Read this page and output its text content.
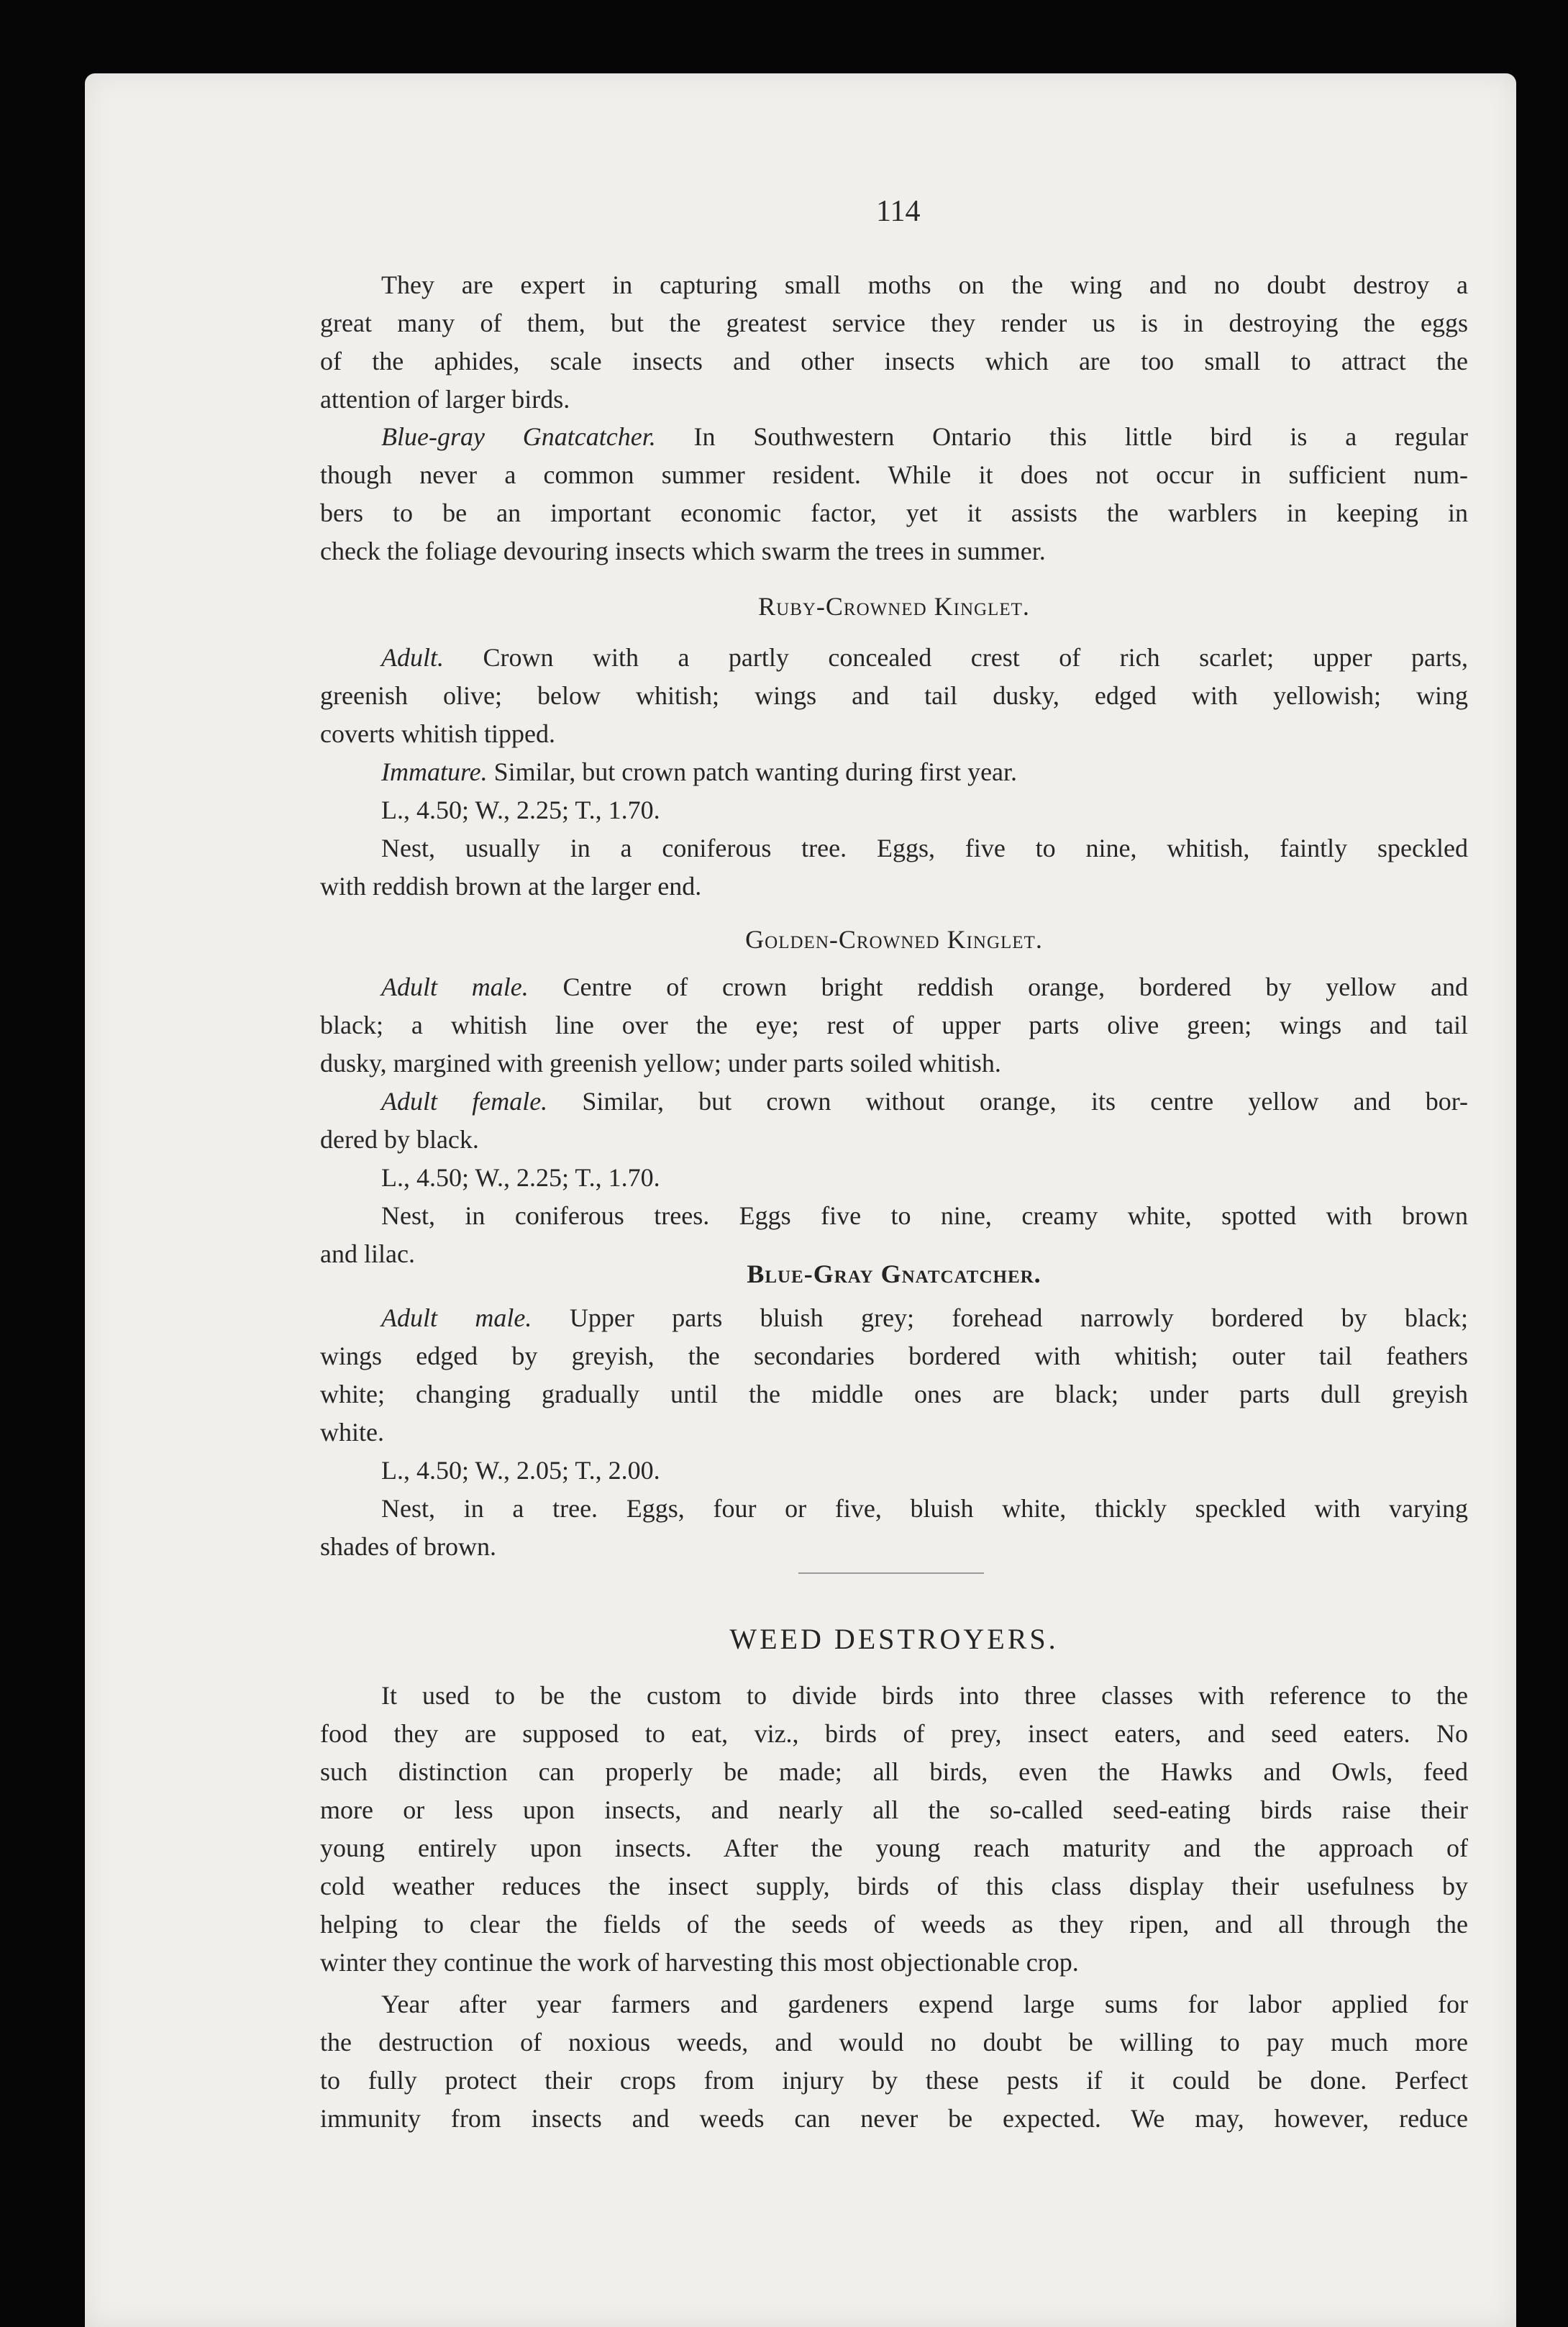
114
They are expert in capturing small moths on the wing and no doubt destroy a
great many of them, but the greatest service they render us is in destroying the eggs
of the aphides, scale insects and other insects which are too small to attract the
attention of larger birds.
Blue-gray Gnatcatcher. In Southwestern Ontario this little bird is a regular
though never a common summer resident. While it does not occur in sufficient num-
bers to be an important economic factor, yet it assists the warblers in keeping in
check the foliage devouring insects which swarm the trees in summer.
Ruby-Crowned Kinglet.
Adult. Crown with a partly concealed crest of rich scarlet; upper parts,
greenish olive; below whitish; wings and tail dusky, edged with yellowish; wing
coverts whitish tipped.
Immature. Similar, but crown patch wanting during first year.
L., 4.50; W., 2.25; T., 1.70.
Nest, usually in a coniferous tree. Eggs, five to nine, whitish, faintly speckled
with reddish brown at the larger end.
Golden-Crowned Kinglet.
Adult male. Centre of crown bright reddish orange, bordered by yellow and
black; a whitish line over the eye; rest of upper parts olive green; wings and tail
dusky, margined with greenish yellow; under parts soiled whitish.
Adult female. Similar, but crown without orange, its centre yellow and bor-
dered by black.
L., 4.50; W., 2.25; T., 1.70.
Nest, in coniferous trees. Eggs five to nine, creamy white, spotted with brown
and lilac.
Blue-Gray Gnatcatcher.
Adult male. Upper parts bluish grey; forehead narrowly bordered by black;
wings edged by greyish, the secondaries bordered with whitish; outer tail feathers
white; changing gradually until the middle ones are black; under parts dull greyish
white.
L., 4.50; W., 2.05; T., 2.00.
Nest, in a tree. Eggs, four or five, bluish white, thickly speckled with varying
shades of brown.
WEED DESTROYERS.
It used to be the custom to divide birds into three classes with reference to the
food they are supposed to eat, viz., birds of prey, insect eaters, and seed eaters. No
such distinction can properly be made; all birds, even the Hawks and Owls, feed
more or less upon insects, and nearly all the so-called seed-eating birds raise their
young entirely upon insects. After the young reach maturity and the approach of
cold weather reduces the insect supply, birds of this class display their usefulness by
helping to clear the fields of the seeds of weeds as they ripen, and all through the
winter they continue the work of harvesting this most objectionable crop.
Year after year farmers and gardeners expend large sums for labor applied for
the destruction of noxious weeds, and would no doubt be willing to pay much more
to fully protect their crops from injury by these pests if it could be done. Perfect
immunity from insects and weeds can never be expected. We may, however, reduce
